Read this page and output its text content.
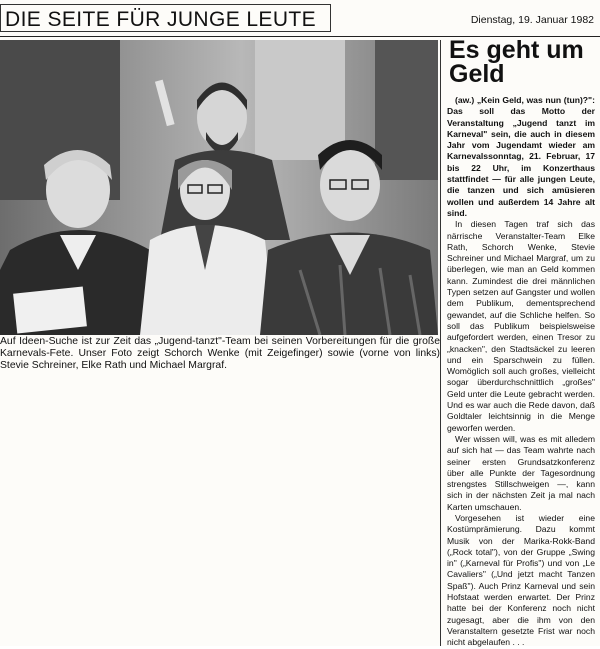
DIE SEITE FÜR JUNGE LEUTE	Dienstag, 19. Januar 1982
Auf Ideen-Suche ist zur Zeit das „Jugend-tanzt"-Team bei seinen Vorbereitungen für die große Karnevals-Fete. Unser Foto zeigt Schorch Wenke (mit Zeigefinger) sowie (vorne von links) Stevie Schreiner, Elke Rath und Michael Margraf.
Es geht um Geld

(aw.) „Kein Geld, was nun (tun)?": Das soll das Motto der Veranstaltung „Jugend tanzt im Karneval" sein, die auch in diesem Jahr vom Jugendamt wieder am Karnevalssonntag, 21. Februar, 17 bis 22 Uhr, im Konzerthaus stattfindet — für alle jungen Leute, die tanzen und sich amüsieren wollen und außerdem 14 Jahre alt sind.

In diesen Tagen traf sich das närrische Veranstalter-Team Elke Rath, Schorch Wenke, Stevie Schreiner und Michael Margraf, um zu überlegen, wie man an Geld kommen kann. Zumindest die drei männlichen Typen setzen auf Gangster und wollen dem Publikum, dementsprechend gewandet, auf die Schliche helfen. So soll das Publikum beispielsweise aufgefordert werden, einen Tresor zu „knacken", den Stadtsäckel zu leeren und ein Sparschwein zu füllen. Womöglich soll auch großes, vielleicht sogar überdurchschnittlich „großes" Geld unter die Leute gebracht werden. Und es war auch die Rede davon, daß Goldtaler leichtsinnig in die Menge geworfen werden.

Wer wissen will, was es mit alledem auf sich hat — das Team wahrte nach seiner ersten Grundsatzkonferenz über alle Punkte der Tagesordnung strengstes Stillschweigen —, kann sich in der nächsten Zeit ja mal nach Karten umschauen.

Vorgesehen ist wieder eine Kostümprämierung. Dazu kommt Musik von der Marika-Rokk-Band („Rock total"), von der Gruppe „Swing in" („Karneval für Profis") und von „Le Cavaliers" („Und jetzt macht Tanzen Spaß"). Auch Prinz Karneval und sein Hofstaat werden erwartet. Der Prinz hatte bei der Konferenz noch nicht zugesagt, aber die ihm von den Veranstaltern gesetzte Frist war noch nicht abgelaufen . . .
